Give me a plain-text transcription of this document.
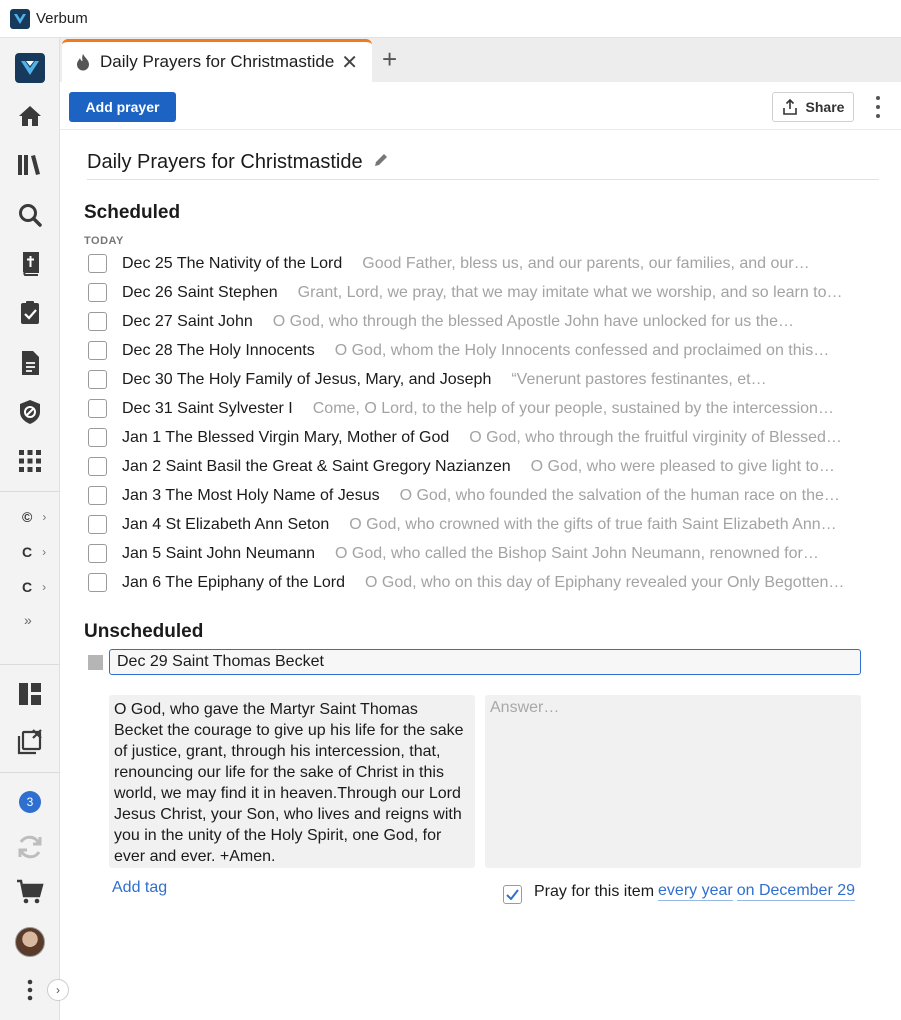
Verbum
© ›
C ›
C ›
»
3
›
Daily Prayers for Christmastide ✕ +
Add prayer	Share
Daily Prayers for Christmastide
Scheduled
TODAY
Dec 25 The Nativity of the Lord Good Father, bless us, and our parents, our families, and our…
Dec 26 Saint Stephen Grant, Lord, we pray, that we may imitate what we worship, and so learn to…
Dec 27 Saint John O God, who through the blessed Apostle John have unlocked for us the…
Dec 28 The Holy Innocents O God, whom the Holy Innocents confessed and proclaimed on this…
Dec 30 The Holy Family of Jesus, Mary, and Joseph “Venerunt pastores festinantes, et…
Dec 31 Saint Sylvester I Come, O Lord, to the help of your people, sustained by the intercession…
Jan 1 The Blessed Virgin Mary, Mother of God O God, who through the fruitful virginity of Blessed…
Jan 2 Saint Basil the Great & Saint Gregory Nazianzen O God, who were pleased to give light to…
Jan 3 The Most Holy Name of Jesus O God, who founded the salvation of the human race on the…
Jan 4 St Elizabeth Ann Seton O God, who crowned with the gifts of true faith Saint Elizabeth Ann…
Jan 5 Saint John Neumann O God, who called the Bishop Saint John Neumann, renowned for…
Jan 6 The Epiphany of the Lord O God, who on this day of Epiphany revealed your Only Begotten…
Unscheduled
Dec 29 Saint Thomas Becket
O God, who gave the Martyr Saint Thomas Becket the courage to give up his life for the sake of justice, grant, through his intercession, that, renouncing our life for the sake of Christ in this world, we may find it in heaven.Through our Lord Jesus Christ, your Son, who lives and reigns with you in the unity of the Holy Spirit, one God, for ever and ever. +Amen.
Answer…
Add tag	Pray for this item every year on December 29
